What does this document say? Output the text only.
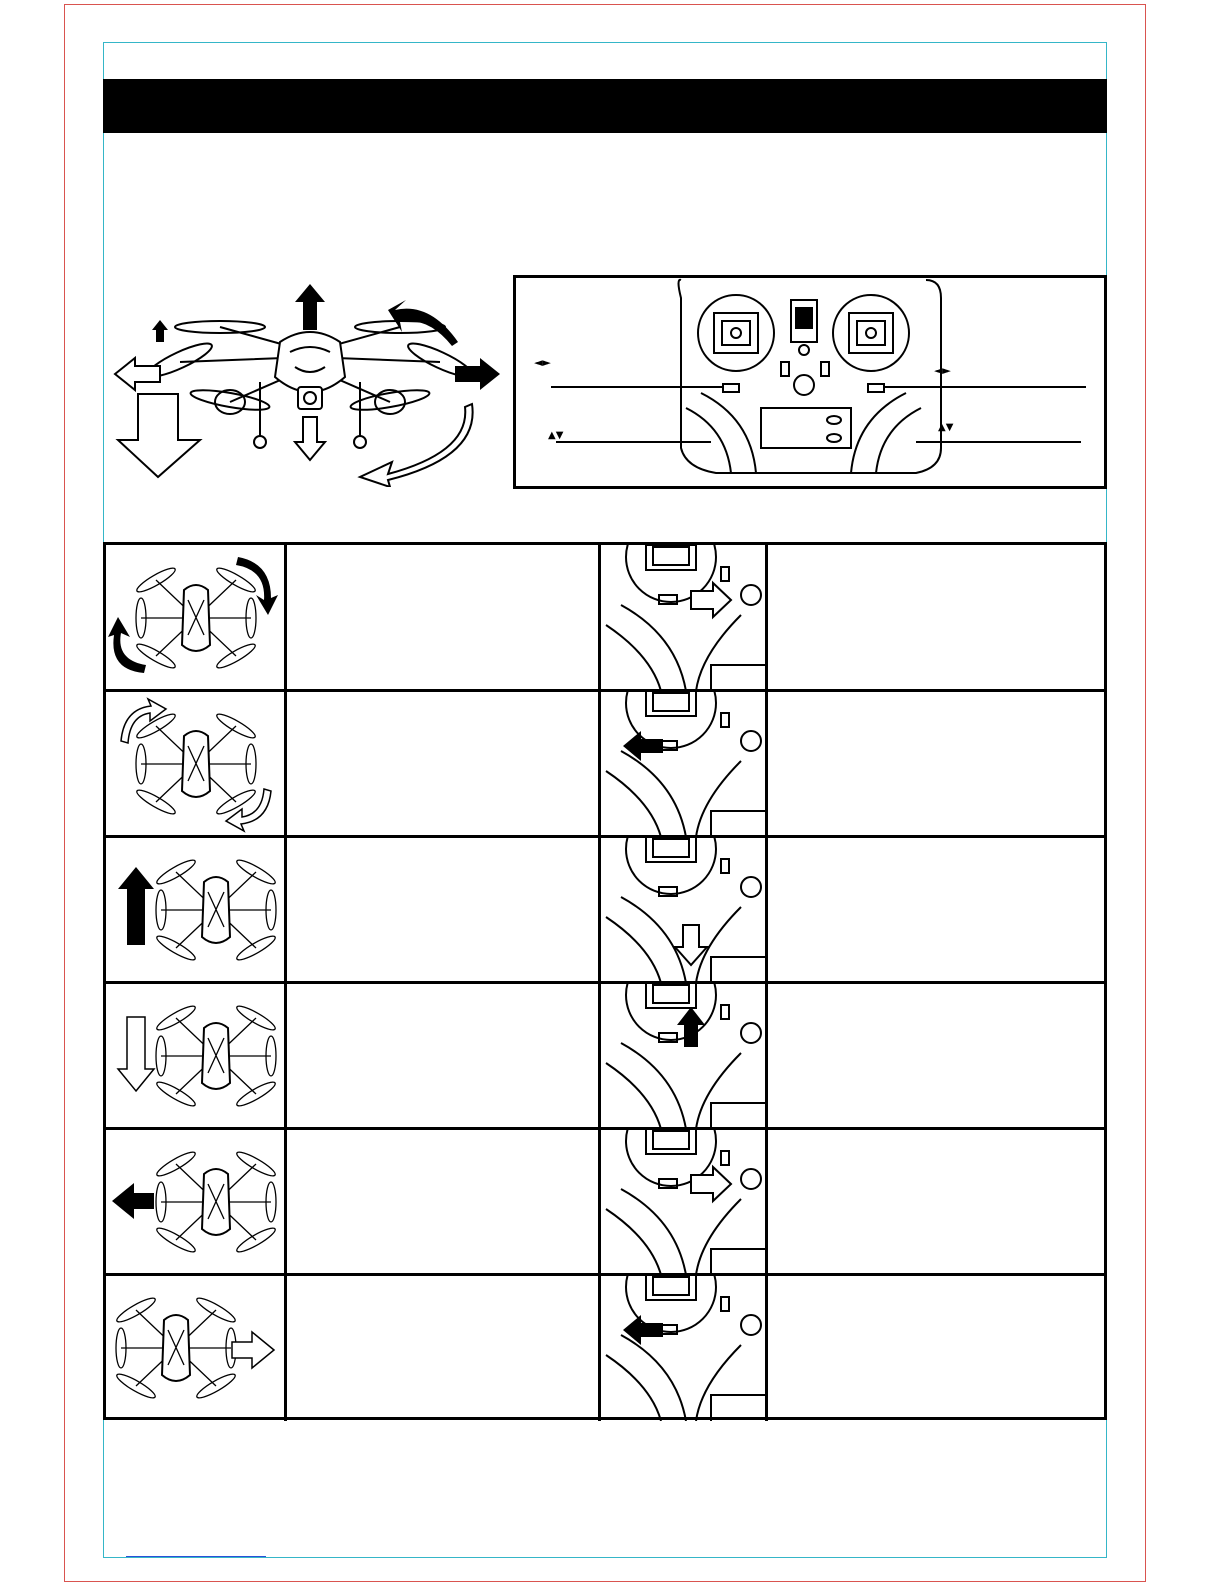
◄►
▲▼
◄►
▲▼
